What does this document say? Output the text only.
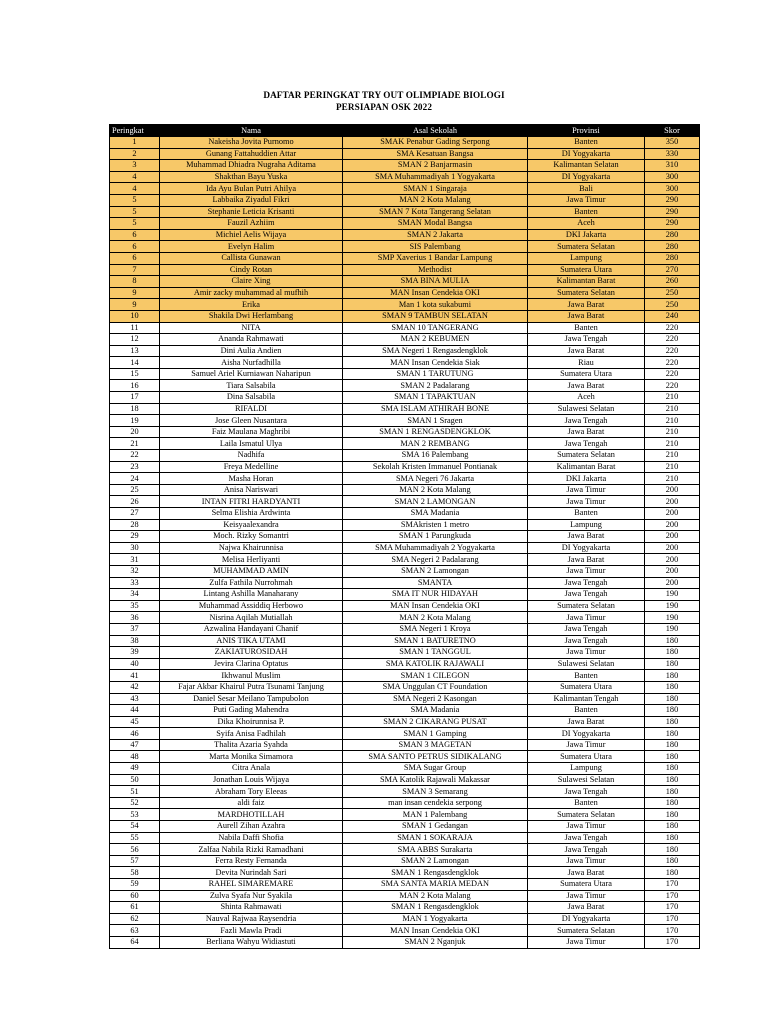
DAFTAR PERINGKAT TRY OUT OLIMPIADE BIOLOGI
PERSIAPAN OSK 2022
Peringkat	Nama	Asal Sekolah	Provinsi	Skor
1	Nakeisha Jovita Purnomo	SMAK Penabur Gading Serpong	Banten	350
2	Gunang Fattahuddien Attar	SMA Kesatuan Bangsa	DI Yogyakarta	330
3	Muhammad Dhiadra Nugraha Aditama	SMAN 2 Banjarmasin	Kalimantan Selatan	310
4	Shakthan Bayu Yuska	SMA Muhammadiyah 1 Yogyakarta	DI Yogyakarta	300
4	Ida Ayu Bulan Putri Ahilya	SMAN 1 Singaraja	Bali	300
5	Labbaika Ziyadul Fikri	MAN 2 Kota Malang	Jawa Timur	290
5	Stephanie Leticia Krisanti	SMAN 7 Kota Tangerang Selatan	Banten	290
5	Fauzil Azhiim	SMAN Modal Bangsa	Aceh	290
6	Michiel Aelis Wijaya	SMAN 2 Jakarta	DKI Jakarta	280
6	Evelyn Halim	SIS Palembang	Sumatera Selatan	280
6	Callista Gunawan	SMP Xaverius 1 Bandar Lampung	Lampung	280
7	Cindy Rotan	Methodist	Sumatera Utara	270
8	Claire Xing	SMA BINA MULIA	Kalimantan Barat	260
9	Amir zacky muhammad al mufhih	MAN Insan Cendekia OKI	Sumatera Selatan	250
9	Erika	Man 1 kota sukabumi	Jawa Barat	250
10	Shakila Dwi Herlambang	SMAN 9 TAMBUN SELATAN	Jawa Barat	240
11	NITA	SMAN 10 TANGERANG	Banten	220
12	Ananda Rahmawati	MAN 2 KEBUMEN	Jawa Tengah	220
13	Dini Aulia Andien	SMA Negeri 1 Rengasdengklok	Jawa Barat	220
14	Aisha Nurfadhilla	MAN Insan Cendekia Siak	Riau	220
15	Samuel Ariel Kurniawan Naharipun	SMAN 1 TARUTUNG	Sumatera Utara	220
16	Tiara Salsabila	SMAN 2 Padalarang	Jawa Barat	220
17	Dina Salsabila	SMAN 1 TAPAKTUAN	Aceh	210
18	RIFALDI	SMA ISLAM ATHIRAH BONE	Sulawesi Selatan	210
19	Jose Gleen Nusantara	SMAN 1 Sragen	Jawa Tengah	210
20	Faiz Maulana Maghribi	SMAN 1 RENGASDENGKLOK	Jawa Barat	210
21	Laila Ismatul Ulya	MAN 2 REMBANG	Jawa Tengah	210
22	Nadhifa	SMA 16 Palembang	Sumatera Selatan	210
23	Freya Medelline	Sekolah Kristen Immanuel Pontianak	Kalimantan Barat	210
24	Masha Horan	SMA Negeri 76 Jakarta	DKI Jakarta	210
25	Anisa Nariswari	MAN 2 Kota Malang	Jawa Timur	200
26	INTAN FITRI HARDYANTI	SMAN 2 LAMONGAN	Jawa Timur	200
27	Selma Elishia Ardwinta	SMA Madania	Banten	200
28	Keisyaalexandra	SMAkristen 1 metro	Lampung	200
29	Moch. Rizky Somantri	SMAN 1 Parungkuda	Jawa Barat	200
30	Najwa Khairunnisa	SMA Muhammadiyah 2 Yogyakarta	DI Yogyakarta	200
31	Melisa Herliyanti	SMA Negeri 2 Padalarang	Jawa Barat	200
32	MUHAMMAD AMIN	SMAN 2 Lamongan	Jawa Timur	200
33	Zulfa Fathila Nurrohmah	SMANTA	Jawa Tengah	200
34	Lintang Ashilla Manaharany	SMA IT NUR HIDAYAH	Jawa Tengah	190
35	Muhammad Assiddiq Herbowo	MAN Insan Cendekia OKI	Sumatera Selatan	190
36	Nisrina Aqilah Mutiallah	MAN 2 Kota Malang	Jawa Timur	190
37	Azwalina Handayani Chanif	SMA Negeri 1 Kroya	Jawa Tengah	190
38	ANIS TIKA UTAMI	SMAN 1 BATURETNO	Jawa Tengah	180
39	ZAKIATUROSIDAH	SMAN 1 TANGGUL	Jawa Timur	180
40	Jevira Clarina Optatus	SMA KATOLIK RAJAWALI	Sulawesi Selatan	180
41	Ikhwanul Muslim	SMAN 1 CILEGON	Banten	180
42	Fajar Akbar Khairul Putra Tsunami Tanjung	SMA Unggulan CT Foundation	Sumatera Utara	180
43	Daniel Sesar Meilano Tampubolon	SMA Negeri 2 Kasongan	Kalimantan Tengah	180
44	Puti Gading Mahendra	SMA Madania	Banten	180
45	Dika Khoirunnisa P.	SMAN 2 CIKARANG PUSAT	Jawa Barat	180
46	Syifa Anisa Fadhilah	SMAN 1 Gamping	DI Yogyakarta	180
47	Thalita Azaria Syahda	SMAN 3 MAGETAN	Jawa Timur	180
48	Marta Monika Simamora	SMA SANTO PETRUS SIDIKALANG	Sumatera Utara	180
49	Citra Anala	SMA Sugar Group	Lampung	180
50	Jonathan Louis Wijaya	SMA Katolik Rajawali Makassar	Sulawesi Selatan	180
51	Abraham Tory Eleeas	SMAN 3 Semarang	Jawa Tengah	180
52	aldi faiz	man insan cendekia serpong	Banten	180
53	MARDHOTILLAH	MAN 1 Palembang	Sumatera Selatan	180
54	Aurell Zihan Azahra	SMAN 1 Gedangan	Jawa Timur	180
55	Nabila Daffi Shofia	SMAN 1 SOKARAJA	Jawa Tengah	180
56	Zalfaa Nabila Rizki Ramadhani	SMA ABBS Surakarta	Jawa Tengah	180
57	Ferra Resty Fernanda	SMAN 2 Lamongan	Jawa Timur	180
58	Devita Nurindah Sari	SMAN 1 Rengasdengklok	Jawa Barat	180
59	RAHEL SIMAREMARE	SMA SANTA MARIA MEDAN	Sumatera Utara	170
60	Zulva Syafa Nur Syakila	MAN 2 Kota Malang	Jawa Timur	170
61	Shinta Rahmawati	SMAN 1 Rengasdengklok	Jawa Barat	170
62	Nauval Rajwaa Raysendria	MAN 1 Yogyakarta	DI Yogyakarta	170
63	Fazli Mawla Pradi	MAN Insan Cendekia OKI	Sumatera Selatan	170
64	Berliana Wahyu Widiastuti	SMAN 2 Nganjuk	Jawa Timur	170
